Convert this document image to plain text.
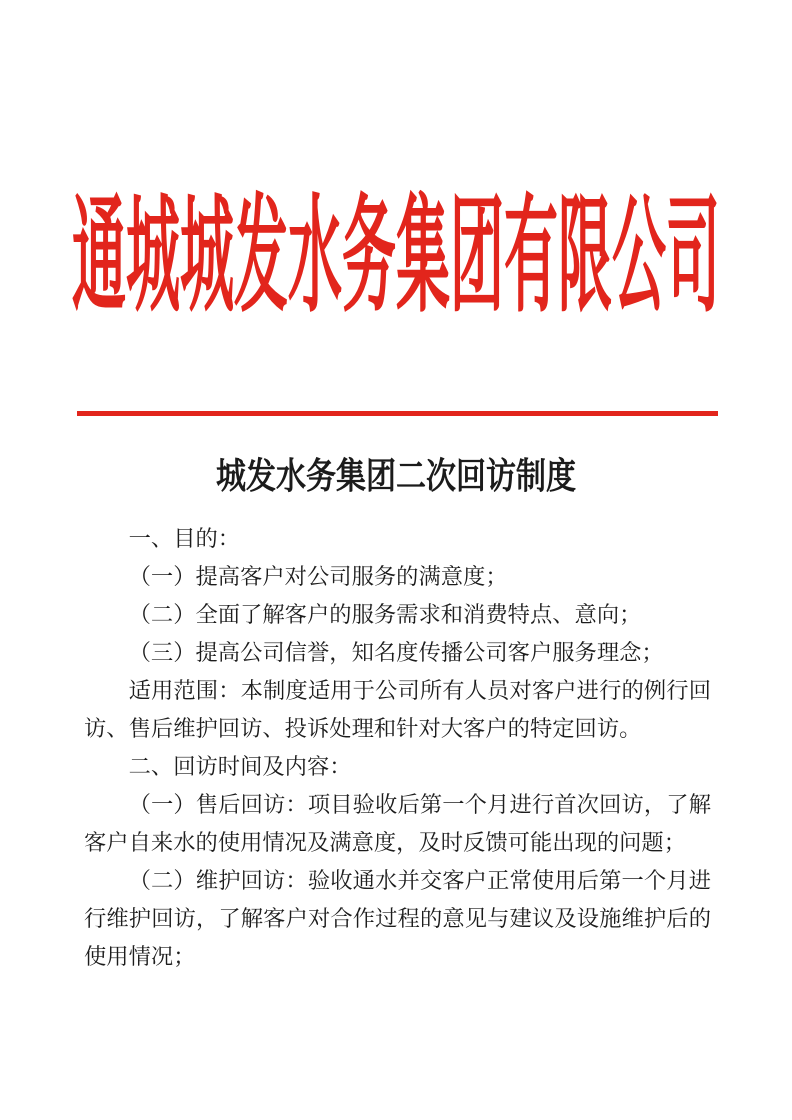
通城城发水务集团有限公司
城发水务集团二次回访制度

一、目的：

（一）提高客户对公司服务的满意度；

（二）全面了解客户的服务需求和消费特点、意向；

（三）提高公司信誉，知名度传播公司客户服务理念；

适用范围：本制度适用于公司所有人员对客户进行的例行回访、售后维护回访、投诉处理和针对大客户的特定回访。

二、回访时间及内容：

（一）售后回访：项目验收后第一个月进行首次回访，了解客户自来水的使用情况及满意度，及时反馈可能出现的问题；

（二）维护回访：验收通水并交客户正常使用后第一个月进行维护回访，了解客户对合作过程的意见与建议及设施维护后的使用情况；
